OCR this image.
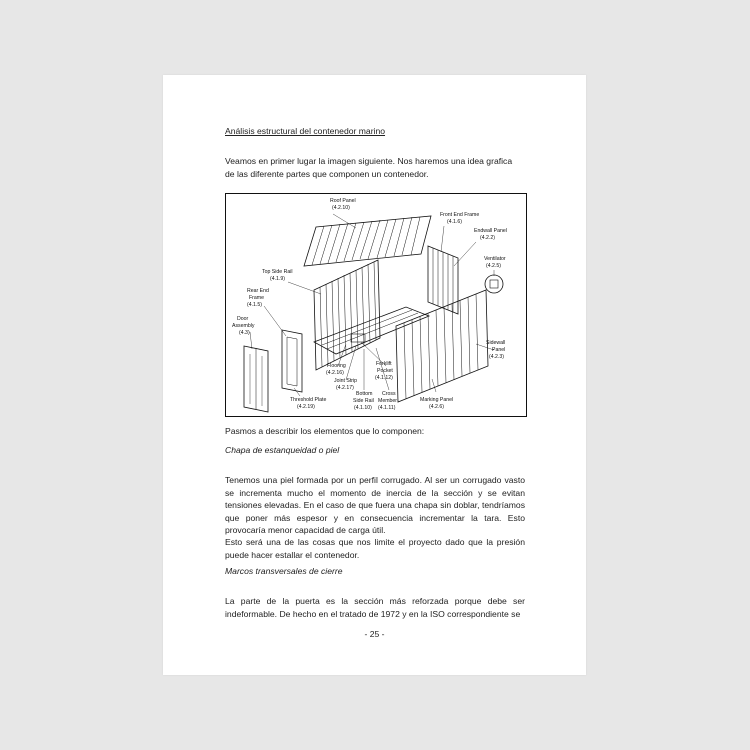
Análisis estructural del contenedor marino

Veamos en primer lugar la imagen siguiente. Nos haremos una idea grafica de las diferente partes que componen un contenedor.

Roof Panel
(4.2.10)
Front End Frame
(4.1.6)
Endwall Panel
(4.2.2)
Ventilator
(4.2.5)
Top Side Rail
(4.1.9)
Rear End
Frame
(4.1.5)
Door
Assembly
(4.3)
Sidewall
Panel
(4.2.3)
Flooring
(4.2.16)
Forklift
Pocket
(4.1.12)
Joint Strip
(4.2.17)
Threshold Plate
(4.2.19)
Bottom
Side Rail
(4.1.10)
Cross
Member
(4.1.11)
Marking Panel
(4.2.6)

Pasmos a describir los elementos que lo componen:

Chapa de estanqueidad o piel

Tenemos una piel formada por un perfil corrugado. Al ser un corrugado vasto se incrementa mucho el momento de inercia de la sección y se evitan tensiones elevadas. En el caso de que fuera una chapa sin doblar, tendríamos que poner más espesor y en consecuencia incrementar la tara. Esto provocaría menor capacidad de carga útil.

Esto será una de las cosas que nos limite el proyecto dado que la presión puede hacer estallar el contenedor.

Marcos transversales de cierre

La parte de la puerta es la sección más reforzada porque debe ser indeformable. De hecho en el tratado de 1972 y en la ISO correspondiente se

- 25 -
